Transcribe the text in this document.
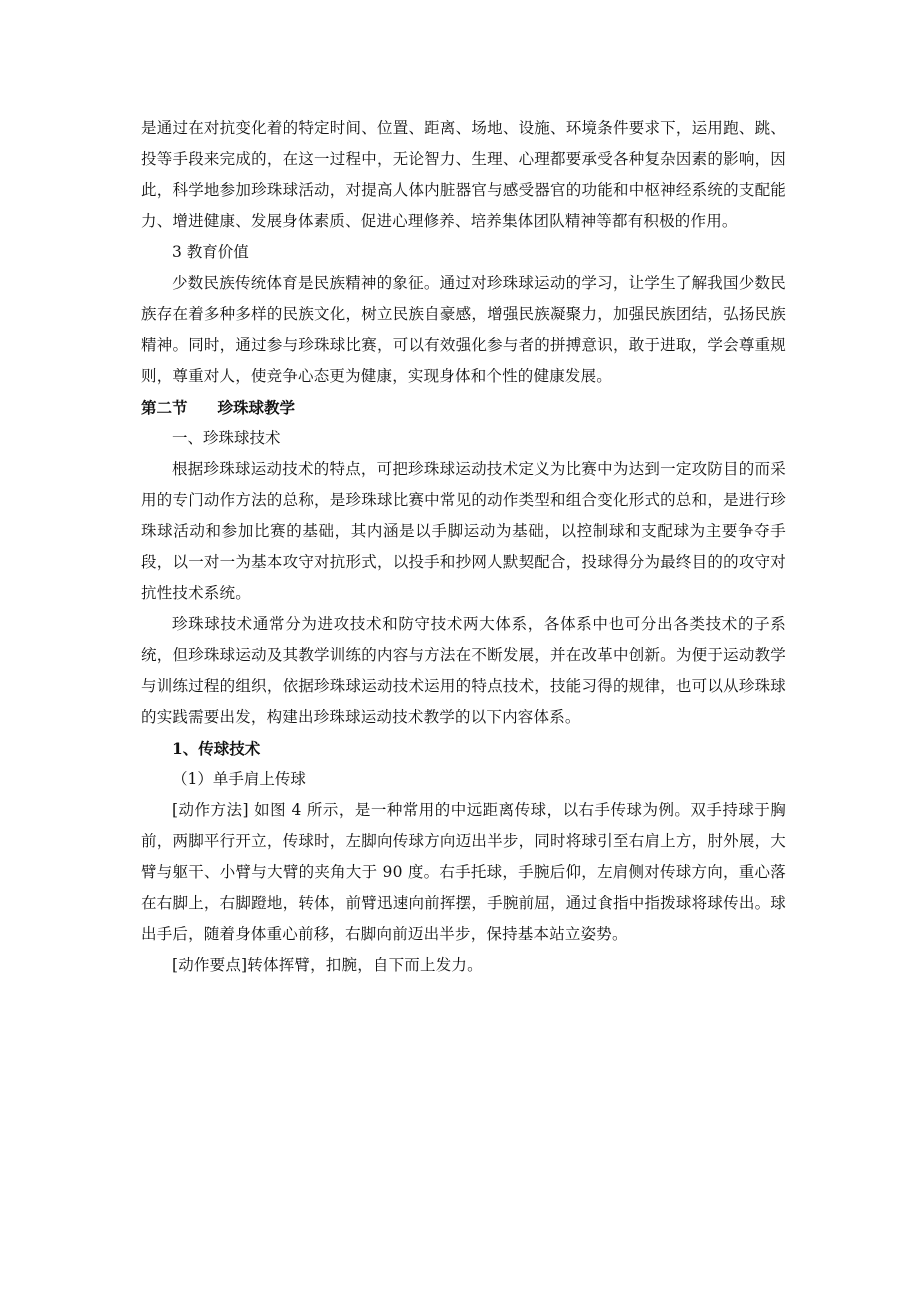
是通过在对抗变化着的特定时间、位置、距离、场地、设施、环境条件要求下，运用跑、跳、投等手段来完成的，在这一过程中，无论智力、生理、心理都要承受各种复杂因素的影响，因此，科学地参加珍珠球活动，对提高人体内脏器官与感受器官的功能和中枢神经系统的支配能力、增进健康、发展身体素质、促进心理修养、培养集体团队精神等都有积极的作用。

3 教育价值

少数民族传统体育是民族精神的象征。通过对珍珠球运动的学习，让学生了解我国少数民族存在着多种多样的民族文化，树立民族自豪感，增强民族凝聚力，加强民族团结，弘扬民族精神。同时，通过参与珍珠球比赛，可以有效强化参与者的拼搏意识，敢于进取，学会尊重规则，尊重对人，使竞争心态更为健康，实现身体和个性的健康发展。

第二节 珍珠球教学

一、珍珠球技术

根据珍珠球运动技术的特点，可把珍珠球运动技术定义为比赛中为达到一定攻防目的而采用的专门动作方法的总称，是珍珠球比赛中常见的动作类型和组合变化形式的总和，是进行珍珠球活动和参加比赛的基础，其内涵是以手脚运动为基础，以控制球和支配球为主要争夺手段，以一对一为基本攻守对抗形式，以投手和抄网人默契配合，投球得分为最终目的的攻守对抗性技术系统。

珍珠球技术通常分为进攻技术和防守技术两大体系，各体系中也可分出各类技术的子系统，但珍珠球运动及其教学训练的内容与方法在不断发展，并在改革中创新。为便于运动教学与训练过程的组织，依据珍珠球运动技术运用的特点技术，技能习得的规律，也可以从珍珠球的实践需要出发，构建出珍珠球运动技术教学的以下内容体系。

1、传球技术

（1）单手肩上传球

[动作方法] 如图 4 所示，是一种常用的中远距离传球，以右手传球为例。双手持球于胸前，两脚平行开立，传球时，左脚向传球方向迈出半步，同时将球引至右肩上方，肘外展，大臂与躯干、小臂与大臂的夹角大于 90 度。右手托球，手腕后仰，左肩侧对传球方向，重心落在右脚上，右脚蹬地，转体，前臂迅速向前挥摆，手腕前屈，通过食指中指拨球将球传出。球出手后，随着身体重心前移，右脚向前迈出半步，保持基本站立姿势。

[动作要点]转体挥臂，扣腕，自下而上发力。
